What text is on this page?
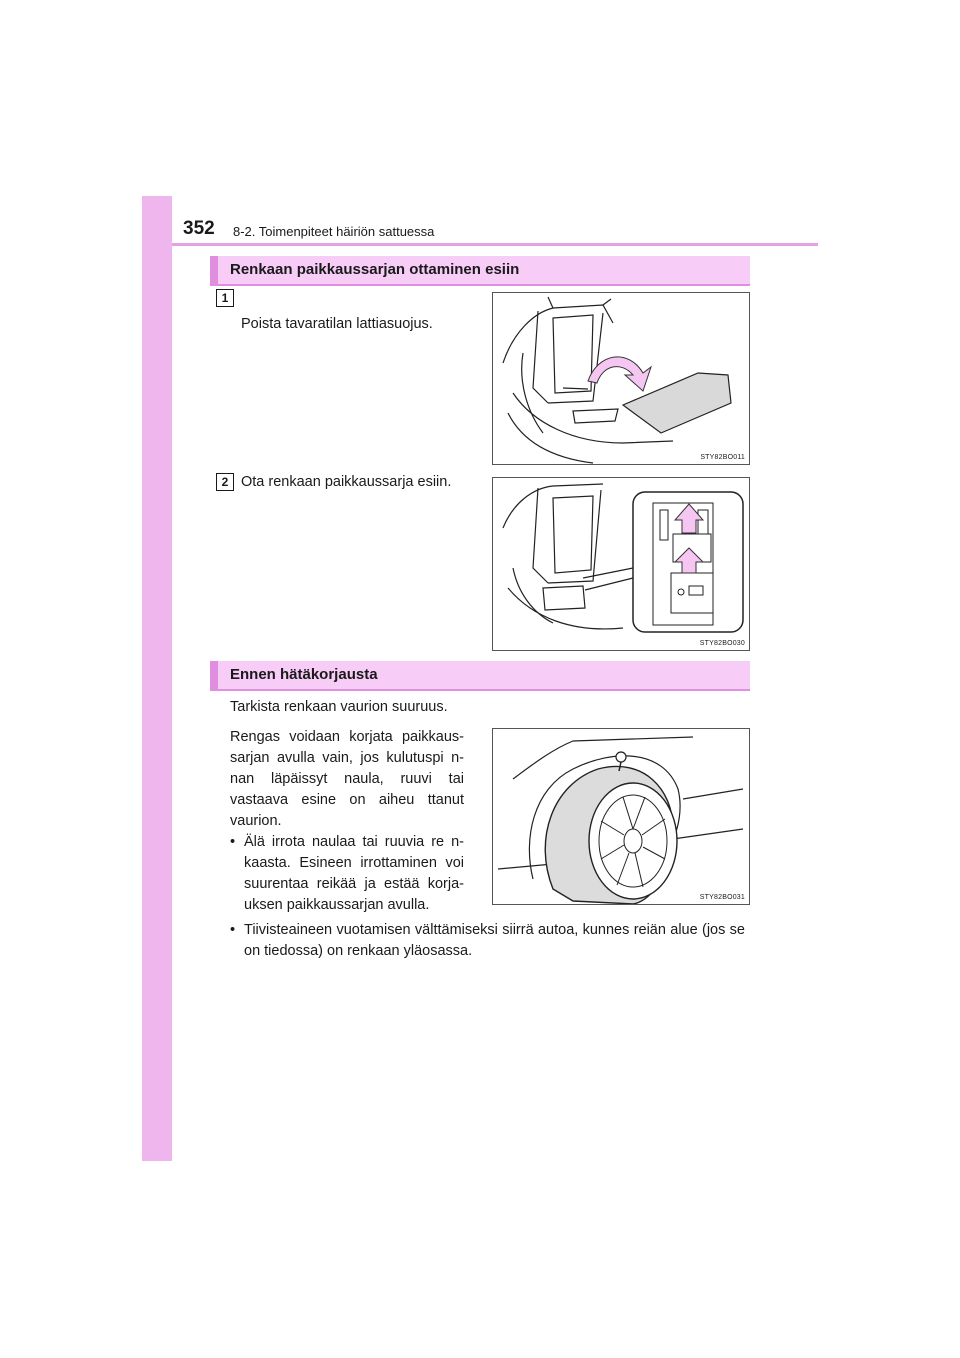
352 8-2. Toimenpiteet häiriön sattuessa
Renkaan paikkaussarjan ottaminen esiin
1
Poista tavaratilan lattiasuojus.
STY82BO011
2 Ota renkaan paikkaussarja esiin.
STY82BO030
Ennen hätäkorjausta
Tarkista renkaan vaurion suuruus.
Rengas voidaan korjata paikkaus-sarjan avulla vain, jos kulutuspi n-nan läpäissyt naula, ruuvi tai vastaava esine on aiheu ttanut vaurion.
• Älä irrota naulaa tai ruuvia re n-kaasta. Esineen irrottaminen voi suurentaa reikää ja estää korja-uksen paikkaussarjan avulla.
• Tiivisteaineen vuotamisen välttämiseksi siirrä autoa, kunnes reiän alue (jos se on tiedossa) on renkaan yläosassa.
STY82BO031
